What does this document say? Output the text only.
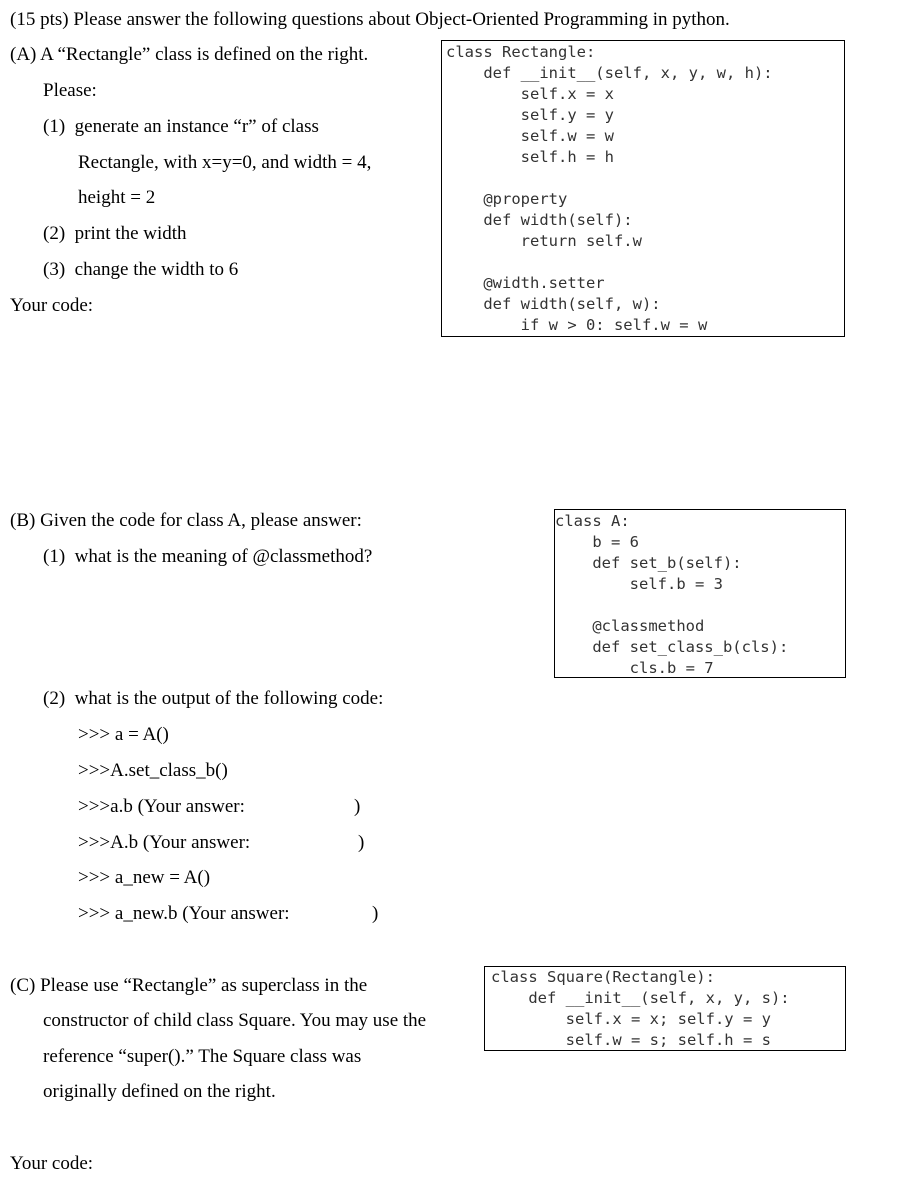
(15 pts) Please answer the following questions about Object-Oriented Programming in python.
(A) A “Rectangle” class is defined on the right.
Please:
(1)  generate an instance “r” of class
Rectangle, with x=y=0, and width = 4,
height = 2
(2)  print the width
(3)  change the width to 6
Your code:
class Rectangle:
def __init__(self, x, y, w, h):
self.x = x
self.y = y
self.w = w
self.h = h

@property
def width(self):
return self.w

@width.setter
def width(self, w):
if w > 0: self.w = w
(B) Given the code for class A, please answer:
(1)  what is the meaning of @classmethod?
(2)  what is the output of the following code:
>>> a = A()
>>>A.set_class_b()
>>>a.b (Your answer:	)
>>>A.b (Your answer:	)
>>> a_new = A()
>>> a_new.b (Your answer:	)
class A:
b = 6
def set_b(self):
self.b = 3

@classmethod
def set_class_b(cls):
cls.b = 7
(C) Please use “Rectangle” as superclass in the
constructor of child class Square. You may use the
reference “super().” The Square class was
originally defined on the right.
Your code:
class Square(Rectangle):
def __init__(self, x, y, s):
self.x = x; self.y = y
self.w = s; self.h = s
